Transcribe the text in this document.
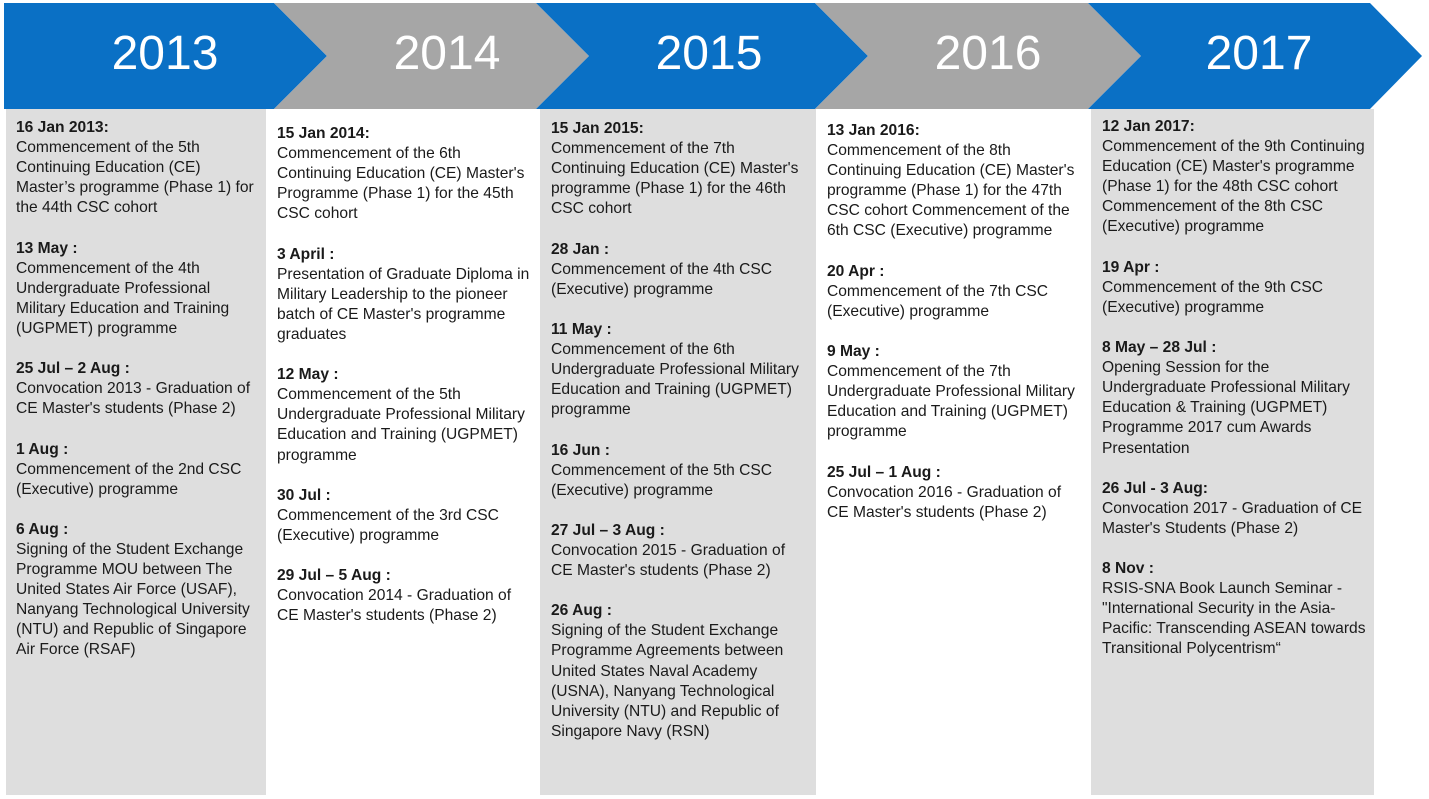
2013	2014	2015	2016	2017
16 Jan 2013:
Commencement of the 5th Continuing Education (CE) Master’s programme (Phase 1) for the 44th CSC cohort
13 May :
Commencement of the 4th Undergraduate Professional Military Education and Training (UGPMET) programme
25 Jul – 2 Aug :
Convocation 2013 - Graduation of CE Master's students (Phase 2)
1 Aug :
Commencement of the 2nd CSC (Executive) programme
6 Aug :
Signing of the Student Exchange Programme MOU between The United States Air Force (USAF), Nanyang Technological University (NTU) and Republic of Singapore Air Force (RSAF)
15 Jan 2014:
Commencement of the 6th Continuing Education (CE) Master's Programme (Phase 1) for the 45th CSC cohort
3 April :
Presentation of Graduate Diploma in Military Leadership to the pioneer batch of CE Master's programme graduates
12 May :
Commencement of the 5th Undergraduate Professional Military Education and Training (UGPMET) programme
30 Jul :
Commencement of the 3rd CSC (Executive) programme
29 Jul – 5 Aug :
Convocation 2014 - Graduation of CE Master's students (Phase 2)
15 Jan 2015:
Commencement of the 7th Continuing Education (CE) Master's programme (Phase 1) for the 46th CSC cohort
28 Jan :
Commencement of the 4th CSC (Executive) programme
11 May :
Commencement of the 6th Undergraduate Professional Military Education and Training (UGPMET) programme
16 Jun :
Commencement of the 5th CSC (Executive) programme
27 Jul – 3 Aug :
Convocation 2015 - Graduation of CE Master's students (Phase 2)
26 Aug :
Signing of the Student Exchange Programme Agreements between United States Naval Academy (USNA), Nanyang Technological University (NTU) and Republic of Singapore Navy (RSN)
13 Jan 2016:
Commencement of the 8th Continuing Education (CE) Master's programme (Phase 1) for the 47th CSC cohort Commencement of the 6th CSC (Executive) programme
20 Apr :
Commencement of the 7th CSC (Executive) programme
9 May :
Commencement of the 7th Undergraduate Professional Military Education and Training (UGPMET) programme
25 Jul – 1 Aug :
Convocation 2016 - Graduation of CE Master's students (Phase 2)
12 Jan 2017:
Commencement of the 9th Continuing Education (CE) Master's programme (Phase 1) for the 48th CSC cohort Commencement of the 8th CSC (Executive) programme
19 Apr :
Commencement of the 9th CSC (Executive) programme
8 May – 28 Jul :
Opening Session for the Undergraduate Professional Military Education & Training (UGPMET) Programme 2017 cum Awards Presentation
26 Jul - 3 Aug:
Convocation 2017 - Graduation of CE Master's Students (Phase 2)
8 Nov :
RSIS-SNA Book Launch Seminar - "International Security in the Asia-Pacific: Transcending ASEAN towards Transitional Polycentrism“
